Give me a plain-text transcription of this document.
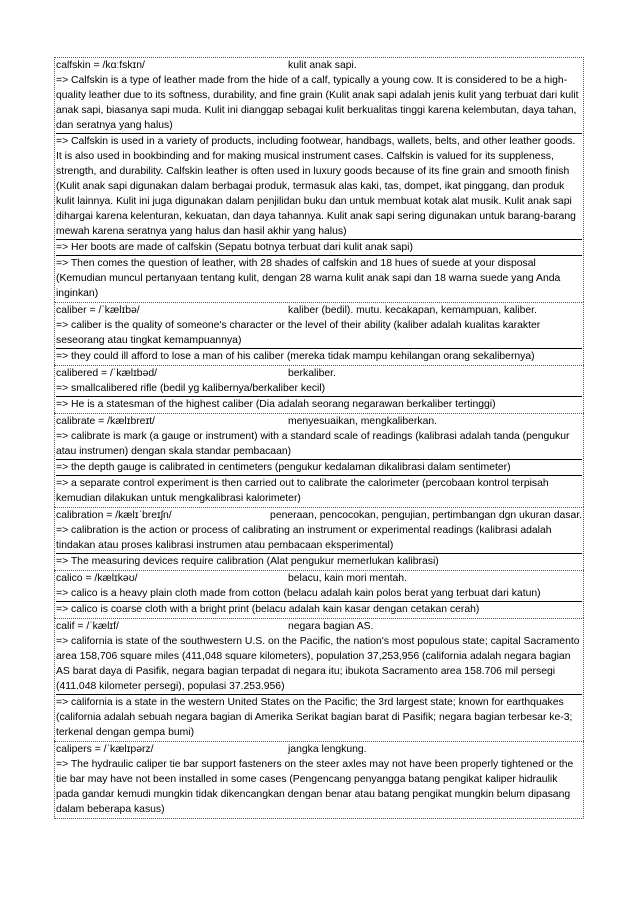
calfskin = /kɑːfskɪn/	kulit anak sapi.

=> Calfskin is a type of leather made from the hide of a calf, typically a young cow. It is considered to be a high-quality leather due to its softness, durability, and fine grain (Kulit anak sapi adalah jenis kulit yang terbuat dari kulit anak sapi, biasanya sapi muda. Kulit ini dianggap sebagai kulit berkualitas tinggi karena kelembutan, daya tahan, dan seratnya yang halus)

=> Calfskin is used in a variety of products, including footwear, handbags, wallets, belts, and other leather goods. It is also used in bookbinding and for making musical instrument cases. Calfskin is valued for its suppleness, strength, and durability. Calfskin leather is often used in luxury goods because of its fine grain and smooth finish (Kulit anak sapi digunakan dalam berbagai produk, termasuk alas kaki, tas, dompet, ikat pinggang, dan produk kulit lainnya. Kulit ini juga digunakan dalam penjilidan buku dan untuk membuat kotak alat musik. Kulit anak sapi dihargai karena kelenturan, kekuatan, dan daya tahannya. Kulit anak sapi sering digunakan untuk barang-barang mewah karena seratnya yang halus dan hasil akhir yang halus)

=> Her boots are made of calfskin (Sepatu botnya terbuat dari kulit anak sapi)

=> Then comes the question of leather, with 28 shades of calfskin and 18 hues of suede at your disposal (Kemudian muncul pertanyaan tentang kulit, dengan 28 warna kulit anak sapi dan 18 warna suede yang Anda inginkan)

caliber = /ˈkælɪbə/	kaliber (bedil). mutu. kecakapan, kemampuan, kaliber.

=> caliber is the quality of someone's character or the level of their ability (kaliber adalah kualitas karakter seseorang atau tingkat kemampuannya)

=> they could ill afford to lose a man of his caliber (mereka tidak mampu kehilangan orang sekalibernya)

calibered = /ˈkælɪbəd/	berkaliber.

=> smallcalibered rifle (bedil yg kalibernya/berkaliber kecil)

=> He is a statesman of the highest caliber (Dia adalah seorang negarawan berkaliber tertinggi)

calibrate = /kælɪbreɪt/	menyesuaikan, mengkaliberkan.

=> calibrate is mark (a gauge or instrument) with a standard scale of readings (kalibrasi adalah tanda (pengukur atau instrumen) dengan skala standar pembacaan)

=> the depth gauge is calibrated in centimeters (pengukur kedalaman dikalibrasi dalam sentimeter)

=> a separate control experiment is then carried out to calibrate the calorimeter (percobaan kontrol terpisah kemudian dilakukan untuk mengkalibrasi kalorimeter)

calibration = /kælɪˈbreɪʃn/	peneraan, pencocokan, pengujian, pertimbangan dgn ukuran dasar.

=> calibration is the action or process of calibrating an instrument or experimental readings (kalibrasi adalah tindakan atau proses kalibrasi instrumen atau pembacaan eksperimental)

=> The measuring devices require calibration (Alat pengukur memerlukan kalibrasi)

calico = /kælɪkəʊ/	belacu, kain mori mentah.

=> calico is a heavy plain cloth made from cotton (belacu adalah kain polos berat yang terbuat dari katun)

=> calico is coarse cloth with a bright print (belacu adalah kain kasar dengan cetakan cerah)

calif = /ˈkælɪf/	negara bagian AS.

=> california is state of the southwestern U.S. on the Pacific, the nation's most populous state; capital Sacramento area 158,706 square miles (411,048 square kilometers), population 37,253,956 (california adalah negara bagian AS barat daya di Pasifik, negara bagian terpadat di negara itu; ibukota Sacramento area 158.706 mil persegi (411.048 kilometer persegi), populasi 37.253.956)

=> california is a state in the western United States on the Pacific; the 3rd largest state; known for earthquakes (california adalah sebuah negara bagian di Amerika Serikat bagian barat di Pasifik; negara bagian terbesar ke-3; terkenal dengan gempa bumi)

calipers = /ˈkælɪpərz/	jangka lengkung.

=> The hydraulic caliper tie bar support fasteners on the steer axles may not have been properly tightened or the tie bar may have not been installed in some cases (Pengencang penyangga batang pengikat kaliper hidraulik pada gandar kemudi mungkin tidak dikencangkan dengan benar atau batang pengikat mungkin belum dipasang dalam beberapa kasus)
